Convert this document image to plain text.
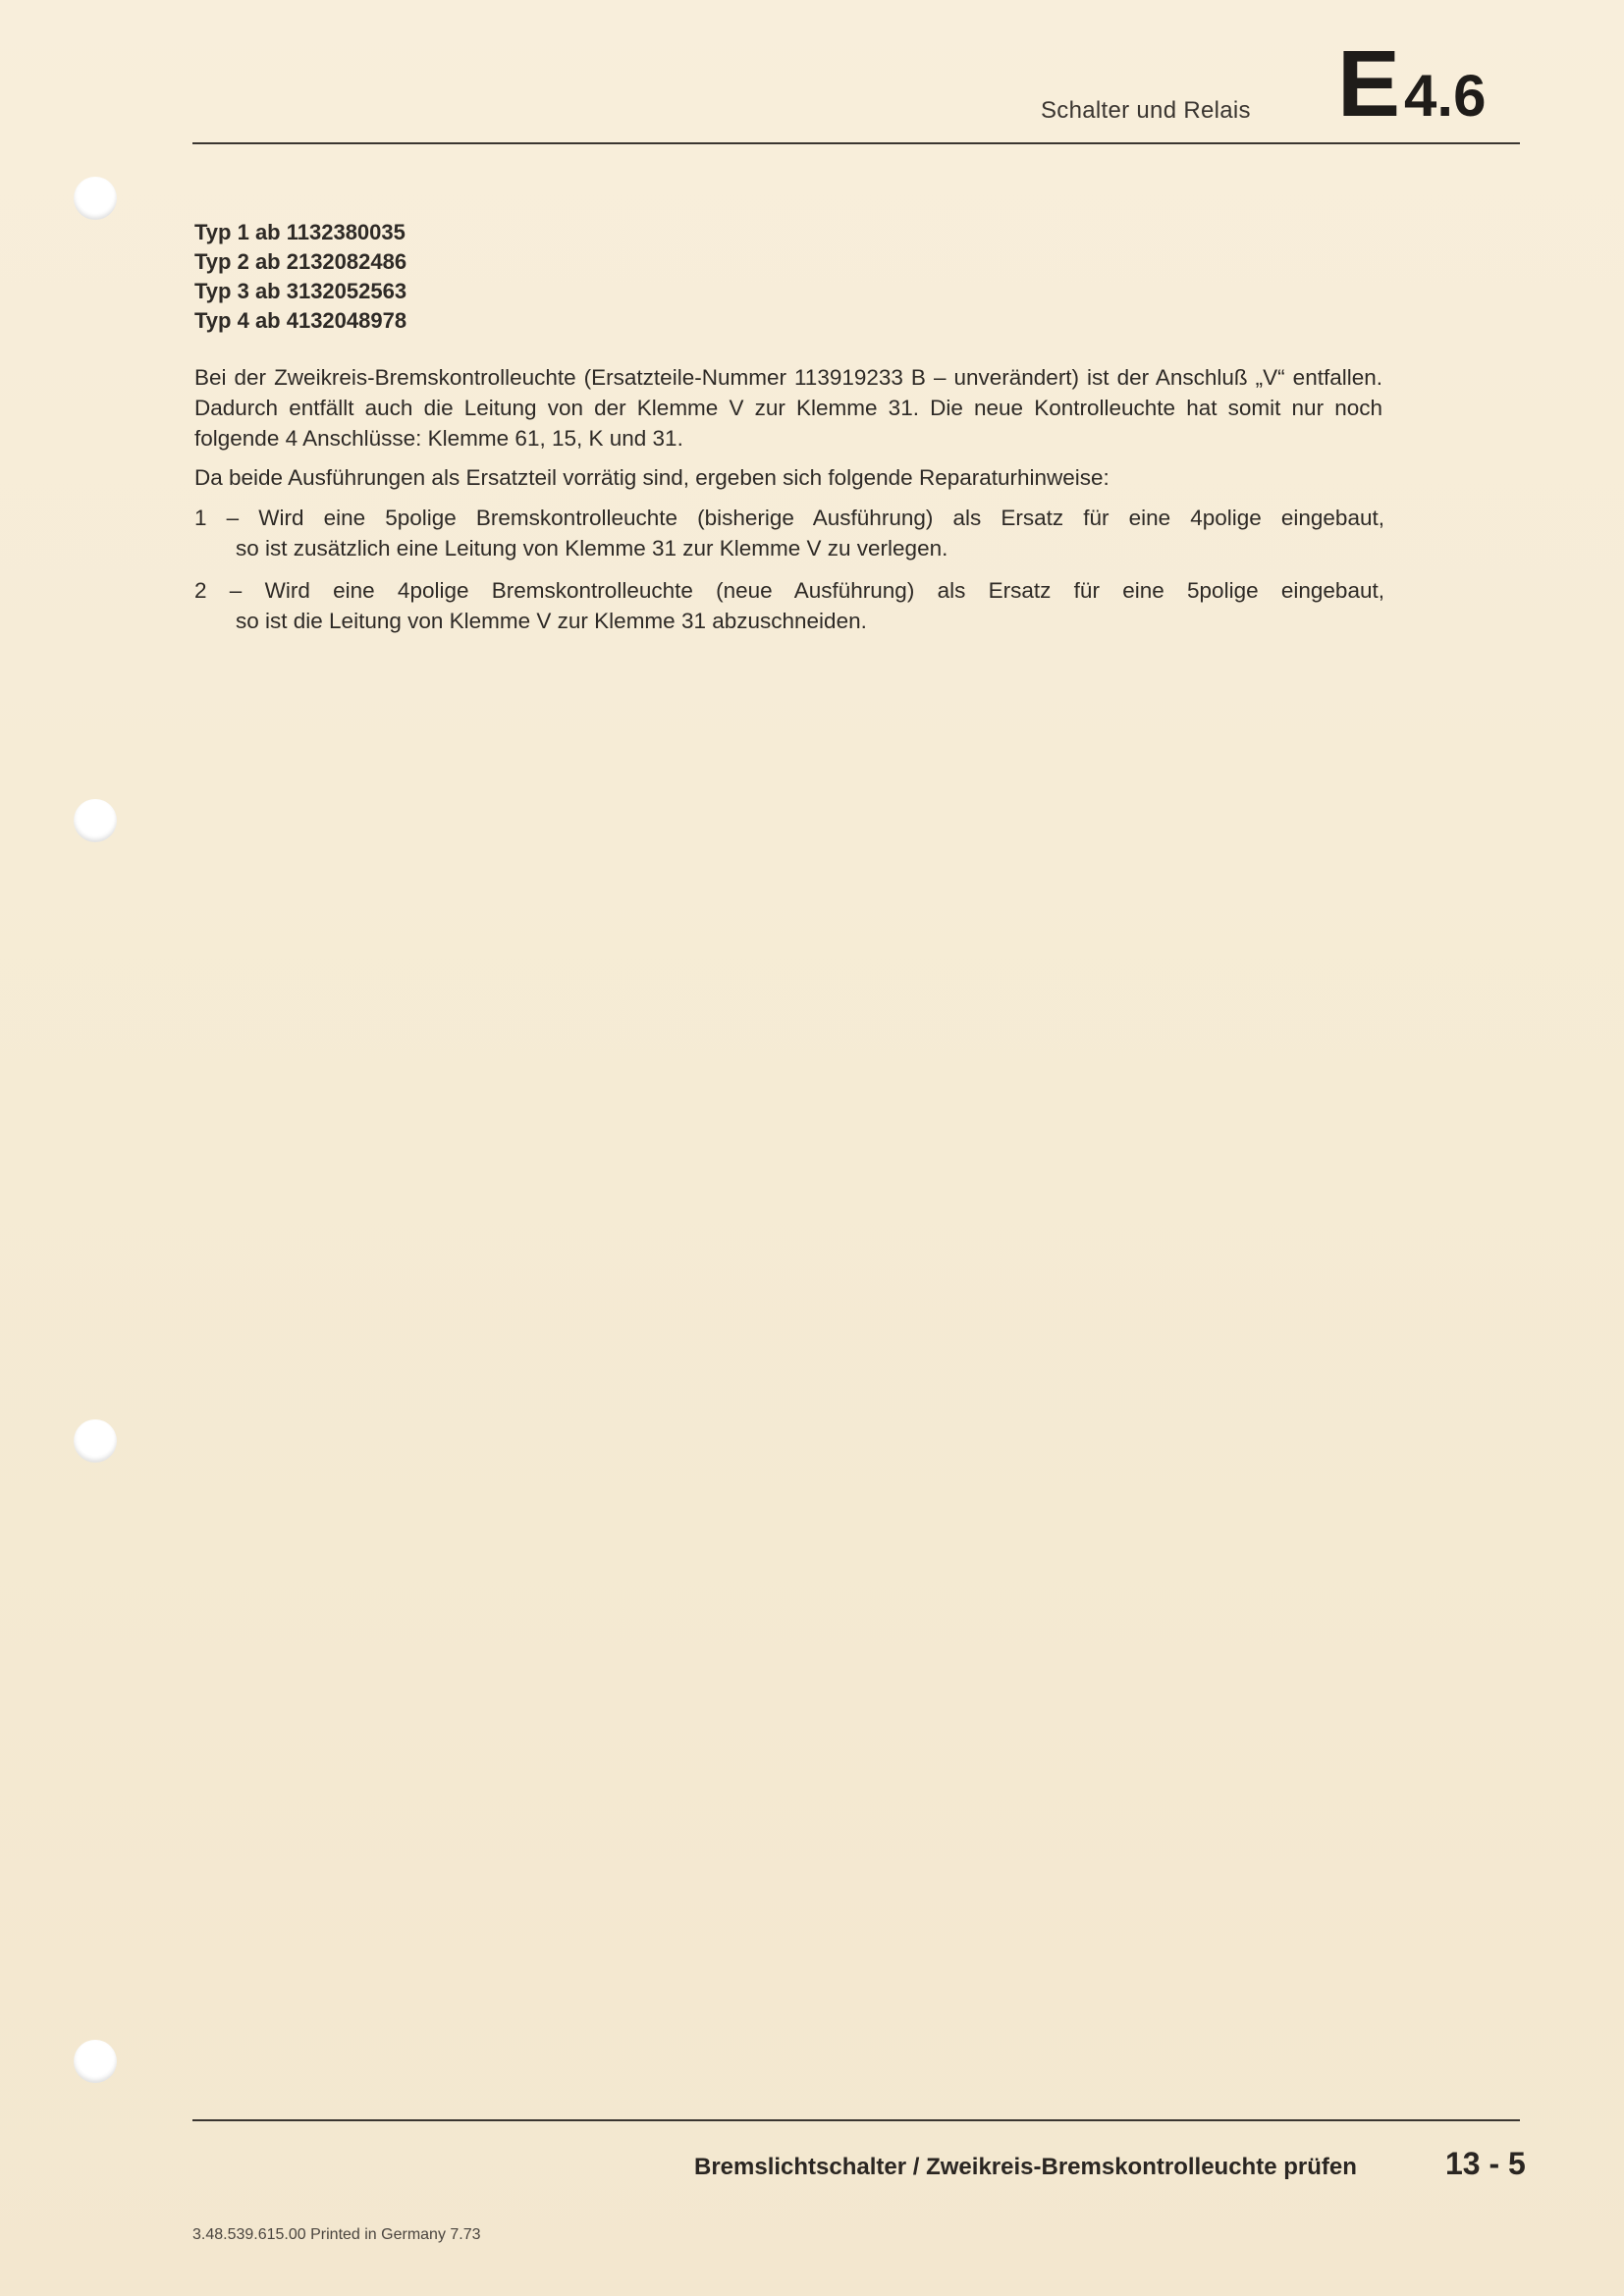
Schalter und Relais E4.6
Typ 1 ab 1132380035
Typ 2 ab 2132082486
Typ 3 ab 3132052563
Typ 4 ab 4132048978
Bei der Zweikreis-Bremskontrolleuchte (Ersatzteile-Nummer 113919233 B – unverändert) ist der Anschluß „V“ entfallen. Dadurch entfällt auch die Leitung von der Klemme V zur Klemme 31. Die neue Kontrolleuchte hat somit nur noch folgende 4 Anschlüsse: Klemme 61, 15, K und 31.
Da beide Ausführungen als Ersatzteil vorrätig sind, ergeben sich folgende Reparaturhinweise:
1 – Wird eine 5polige Bremskontrolleuchte (bisherige Ausführung) als Ersatz für eine 4polige eingebaut,
so ist zusätzlich eine Leitung von Klemme 31 zur Klemme V zu verlegen.
2 – Wird eine 4polige Bremskontrolleuchte (neue Ausführung) als Ersatz für eine 5polige eingebaut,
so ist die Leitung von Klemme V zur Klemme 31 abzuschneiden.
Bremslichtschalter / Zweikreis-Bremskontrolleuchte prüfen	13 - 5
3.48.539.615.00 Printed in Germany 7.73
